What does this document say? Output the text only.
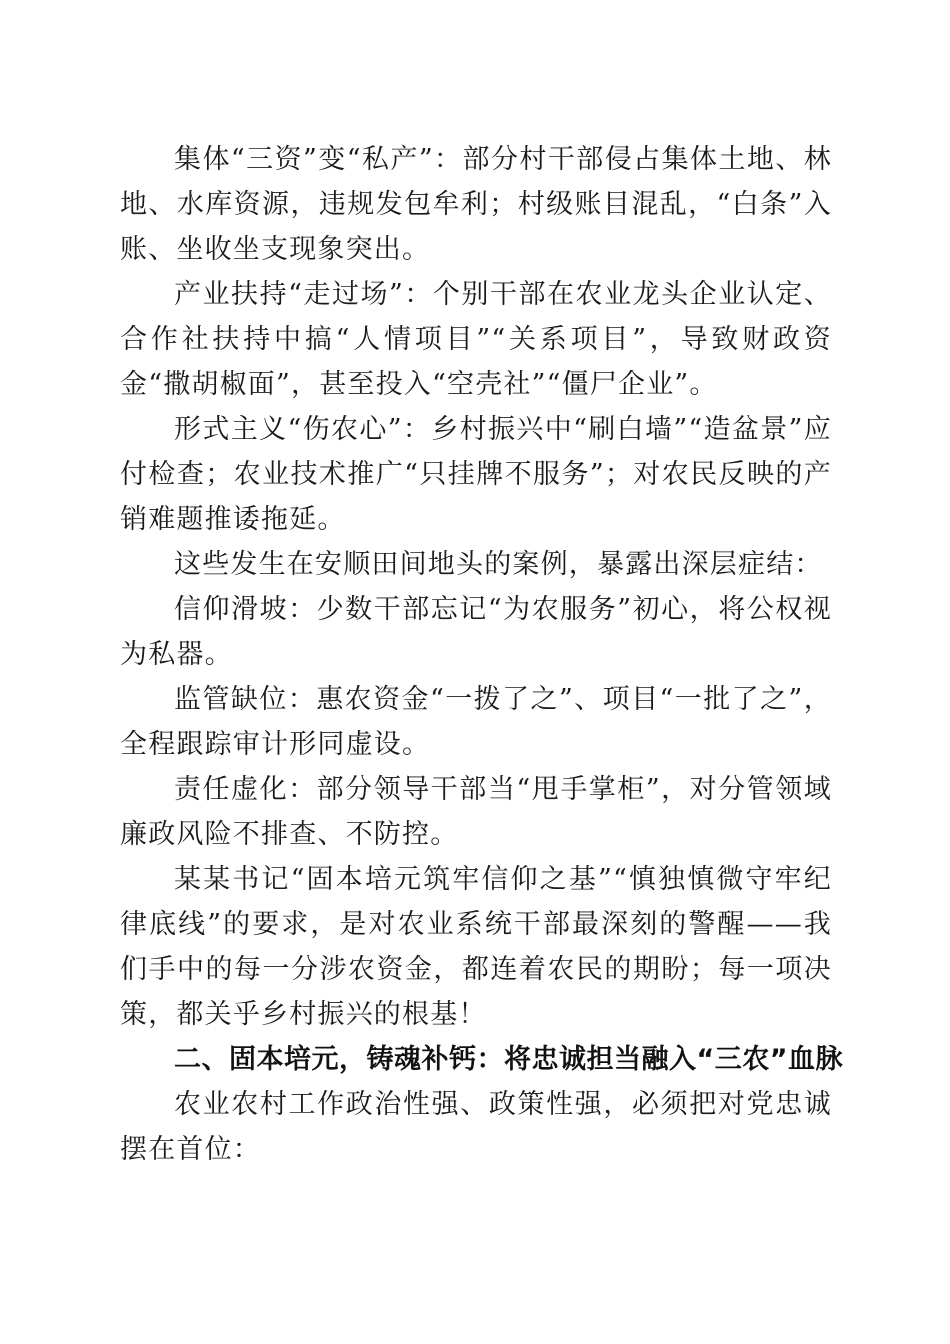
集体“三资”变“私产”：部分村干部侵占集体土地、林地、水库资源，违规发包牟利；村级账目混乱，“白条”入账、坐收坐支现象突出。

产业扶持“走过场”：个别干部在农业龙头企业认定、合作社扶持中搞“人情项目”“关系项目”，导致财政资金“撒胡椒面”，甚至投入“空壳社”“僵尸企业”。

形式主义“伤农心”：乡村振兴中“刷白墙”“造盆景”应付检查；农业技术推广“只挂牌不服务”；对农民反映的产销难题推诿拖延。

这些发生在安顺田间地头的案例，暴露出深层症结：

信仰滑坡：少数干部忘记“为农服务”初心，将公权视为私器。

监管缺位：惠农资金“一拨了之”、项目“一批了之”，全程跟踪审计形同虚设。

责任虚化：部分领导干部当“甩手掌柜”，对分管领域廉政风险不排查、不防控。

某某书记“固本培元筑牢信仰之基”“慎独慎微守牢纪律底线”的要求，是对农业系统干部最深刻的警醒——我们手中的每一分涉农资金，都连着农民的期盼；每一项决策，都关乎乡村振兴的根基！

二、固本培元，铸魂补钙：将忠诚担当融入“三农”血脉

农业农村工作政治性强、政策性强，必须把对党忠诚摆在首位：
